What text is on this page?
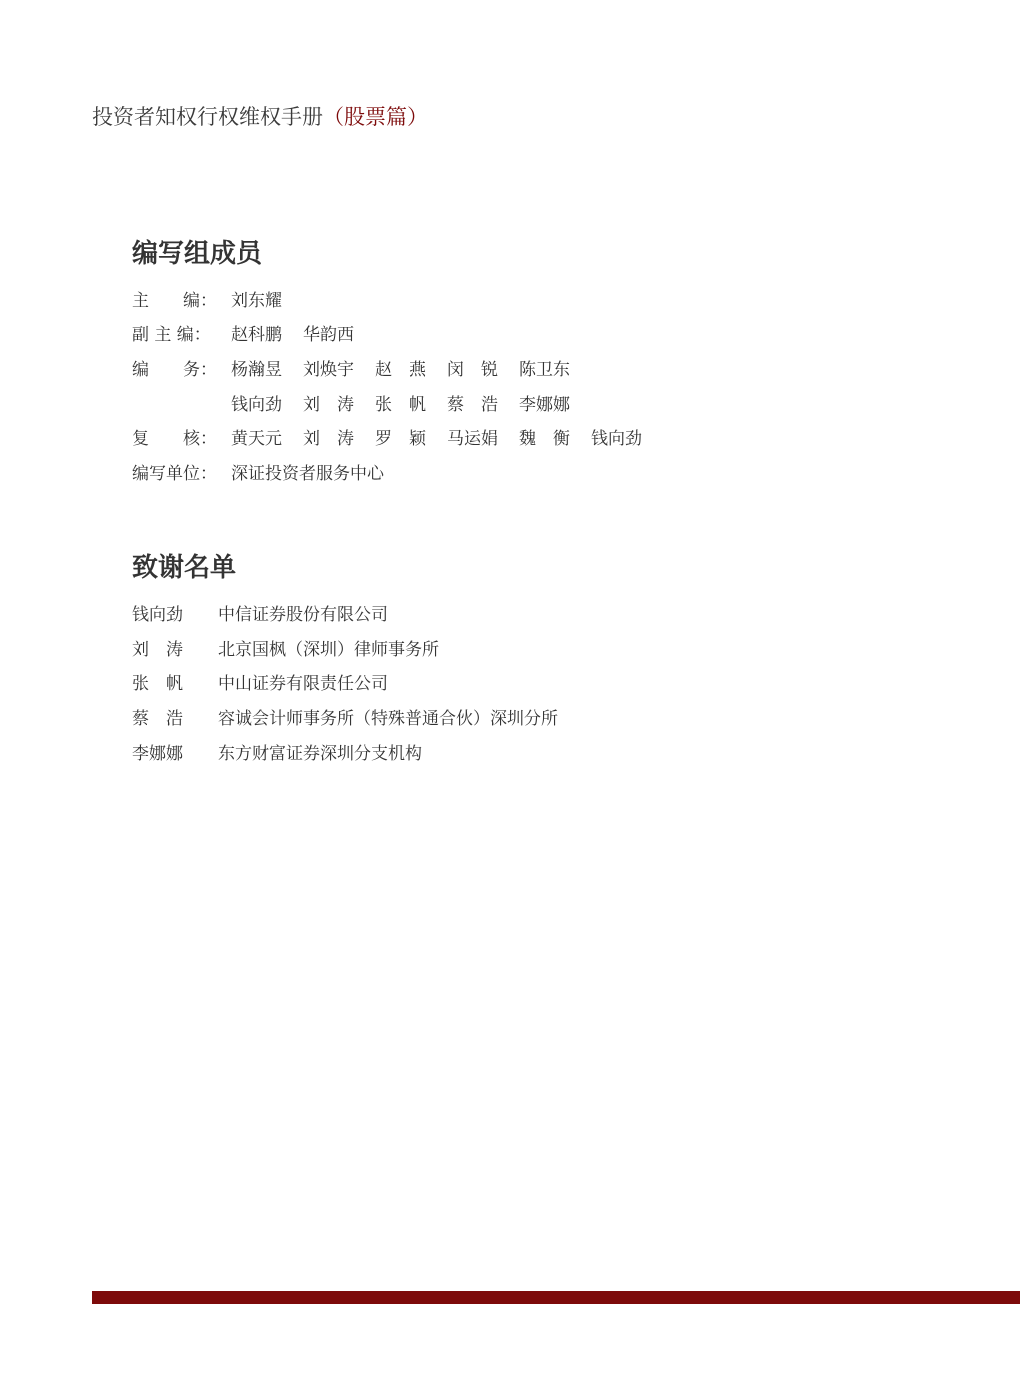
投资者知权行权维权手册（股票篇）
编写组成员
主　　编： 刘东耀
副 主 编：	赵科鹏 华韵西
编　　务： 杨瀚昱 刘焕宇 赵　燕 闵　锐 陈卫东
钱向劲 刘　涛 张　帆 蔡　浩 李娜娜
复　　核： 黄天元 刘　涛 罗　颖 马运娟 魏　衡 钱向劲
编写单位： 深证投资者服务中心
致谢名单
钱向劲	中信证券股份有限公司
刘　涛	北京国枫（深圳）律师事务所
张　帆	中山证券有限责任公司
蔡　浩	容诚会计师事务所（特殊普通合伙）深圳分所
李娜娜	东方财富证券深圳分支机构
